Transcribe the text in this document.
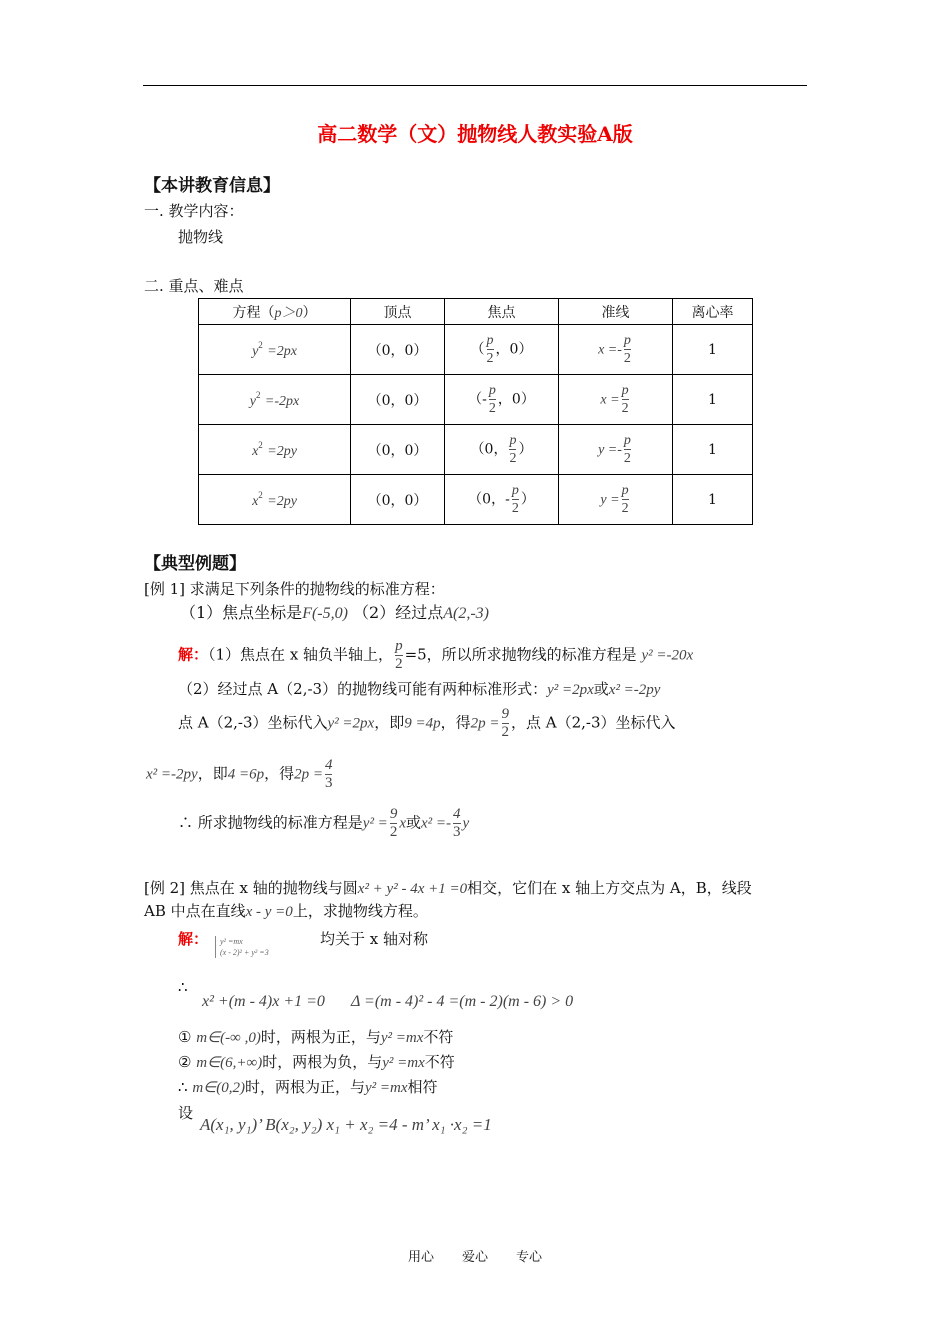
高二数学（文）抛物线人教实验A版
【本讲教育信息】
一. 教学内容：
抛物线
二. 重点、难点
方程（p＞0）	顶点	焦点	准线	离心率
$y^2 =2px$	（0，0）	（ $\frac{p}{2}$ ，0）	$x =- \frac{p}{2}$	1
$y^2 =-2px$	（0，0）	（- $\frac{p}{2}$ ，0）	$x = \frac{p}{2}$	1
$x^2 =2py$	（0，0）	（0， $\frac{p}{2}$ ）	$y =- \frac{p}{2}$	1
$x^2 =2py$	（0，0）	（0，- $\frac{p}{2}$ ）	$y = \frac{p}{2}$	1
【典型例题】
[例 1] 求满足下列条件的抛物线的标准方程：
（1）焦点坐标是F(-5,0) （2）经过点A(2,-3)
解：（1）焦点在 x 轴负半轴上， $\frac{p}{2} =5$，所以所求抛物线的标准方程是 y² =-20x
（2）经过点 A（2,-3）的抛物线可能有两种标准形式：y² =2px或x² =-2py
点 A（2,-3）坐标代入y² =2px，即9 =4p，得$2p = \frac{9}{2}$ ，点 A（2,-3）坐标代入
x² =-2py，即4 =6p，得$2p = \frac{4}{3}$
∴ 所求抛物线的标准方程是$y^2 = \frac{9}{2}$ x或$x^2 =- \frac{4}{3}$ y
[例 2] 焦点在 x 轴的抛物线与圆x² + y² - 4x +1 =0相交，它们在 x 轴上方交点为 A，B，线段
AB 中点在直线x - y =0上，求抛物线方程。
解： y² =mx
(x - 2)² + y² =3
均关于 x 轴对称
∴
x² +(m - 4)x +1 =0 Δ =(m - 4)² - 4 =(m - 2)(m - 6) > 0
① m∈(-∞ ,0)时，两根为正，与y² =mx不符
② m∈(6,+∞)时，两根为负，与y² =mx不符
∴ m∈(0,2)时，两根为正，与y² =mx相符
设
A(x₁, y₁)’ B(x₂, y₂) x₁ + x₂ =4 - m’ x₁ ·x₂ =1
用心 爱心 专心
